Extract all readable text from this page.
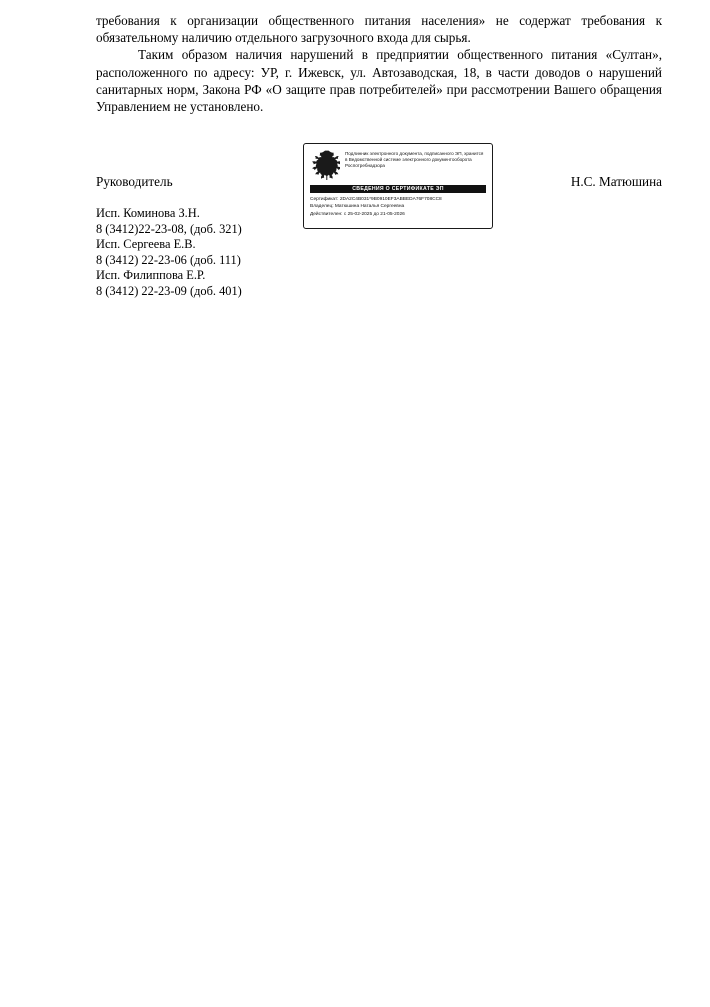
требования к организации общественного питания населения» не содержат требования к обязательному наличию отдельного загрузочного входа для сырья.

Таким образом наличия нарушений в предприятии общественного питания «Султан», расположенного по адресу: УР, г. Ижевск, ул. Автозаводская, 18, в части доводов о нарушений санитарных норм, Закона РФ «О защите прав потребителей» при рассмотрении Вашего обращения Управлением не установлено.

Руководитель	Н.С. Матюшина
Подлинник электронного документа, подписанного ЭП, хранится в Ведомственной системе электронного документооборота Роспотребнадзора
СВЕДЕНИЯ О СЕРТИФИКАТЕ ЭП
Сертификат: 2DA2C4B031*9B0910EF3ABBEDA76F708CC8
Владелец: Матюшина Наталья Сергеевна
Действителен: с 25-02-2025 до 21-05-2026
Исп. Коминова З.Н.
8 (3412)22-23-08, (доб. 321)
Исп. Сергеева Е.В.
8 (3412) 22-23-06 (доб. 111)
Исп. Филиппова Е.Р.
8 (3412) 22-23-09 (доб. 401)
